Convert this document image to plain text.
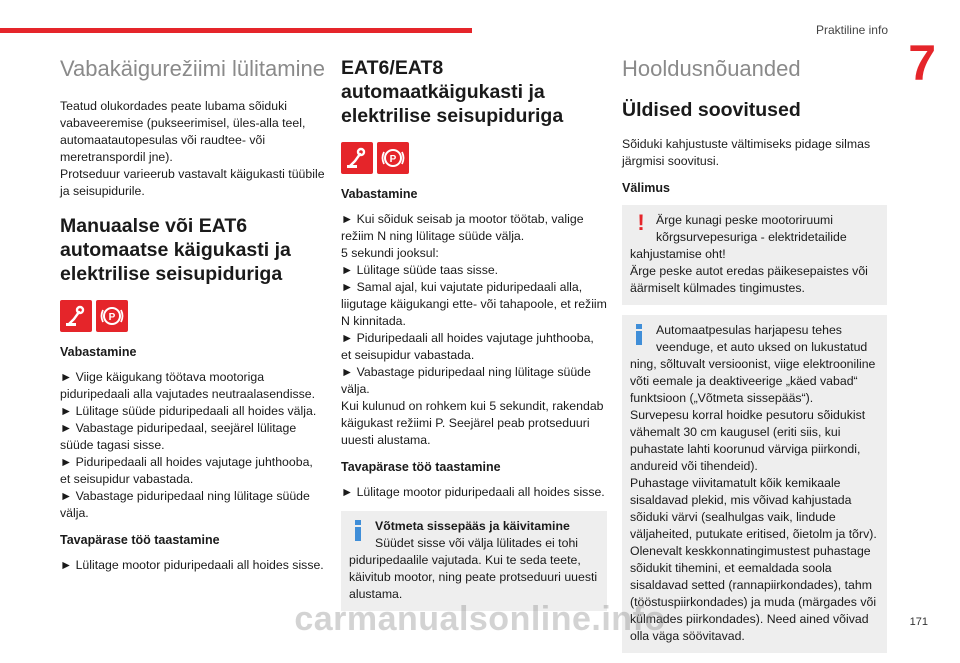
Praktiline info
7
Vabakäigurežiimi lülitamine

Teatud olukordades peate lubama sõiduki vabaveeremise (pukseerimisel, üles-alla teel, automaatautopesulas või raudtee- või meretranspordil jne).
Protseduur varieerub vastavalt käigukasti tüübile ja seisupidurile.

Manuaalse või EAT6 automaatse käigukasti ja elektrilise seisupiduriga
P
Vabastamine

► Viige käigukang töötava mootoriga piduripedaali alla vajutades neutraalasendisse.
► Lülitage süüde piduripedaali all hoides välja.
► Vabastage piduripedaal, seejärel lülitage süüde tagasi sisse.
► Piduripedaali all hoides vajutage juhthooba, et seisupidur vabastada.
► Vabastage piduripedaal ning lülitage süüde välja.

Tavapärase töö taastamine

► Lülitage mootor piduripedaali all hoides sisse.

EAT6/EAT8 automaatkäigukasti ja elektrilise seisupiduriga
P
Vabastamine

► Kui sõiduk seisab ja mootor töötab, valige režiim N ning lülitage süüde välja.
5 sekundi jooksul:
► Lülitage süüde taas sisse.
► Samal ajal, kui vajutate piduripedaali alla, liigutage käigukangi ette- või tahapoole, et režiim N kinnitada.
► Piduripedaali all hoides vajutage juhthooba, et seisupidur vabastada.
► Vabastage piduripedaal ning lülitage süüde välja.
Kui kulunud on rohkem kui 5 sekundit, rakendab käigukast režiimi P. Seejärel peab protseduuri uuesti alustama.

Tavapärase töö taastamine

► Lülitage mootor piduripedaali all hoides sisse.

Võtmeta sissepääs ja käivitamine
Süüdet sisse või välja lülitades ei tohi piduripedaalile vajutada. Kui te seda teete, käivitub mootor, ning peate protseduuri uuesti alustama.
Hooldusnõuanded
Üldised soovitused

Sõiduki kahjustuste vältimiseks pidage silmas järgmisi soovitusi.

Välimus
! Ärge kunagi peske mootoriruumi kõrgsurvepesuriga - elektridetailide kahjustamise oht!
Ärge peske autot eredas päikesepaistes või äärmiselt külmades tingimustes.
Automaatpesulas harjapesu tehes veenduge, et auto uksed on lukustatud ning, sõltuvalt versioonist, viige elektrooniline võti eemale ja deaktiveerige „käed vabad“ funktsioon („Võtmeta sissepääs“).
Survepesu korral hoidke pesutoru sõidukist vähemalt 30 cm kaugusel (eriti siis, kui puhastate lahti koorunud värviga piirkondi, andureid või tihendeid).
Puhastage viivitamatult kõik kemikaale sisaldavad plekid, mis võivad kahjustada sõiduki värvi (sealhulgas vaik, lindude väljaheited, putukate eritised, õietolm ja tõrv).
Olenevalt keskkonnatingimustest puhastage sõidukit tihemini, et eemaldada soola sisaldavad setted (rannapiirkondades), tahm (tööstuspiirkondades) ja muda (märgades või külmades piirkondades). Need ained võivad olla väga söövitavad.
carmanualsonline.info	171
